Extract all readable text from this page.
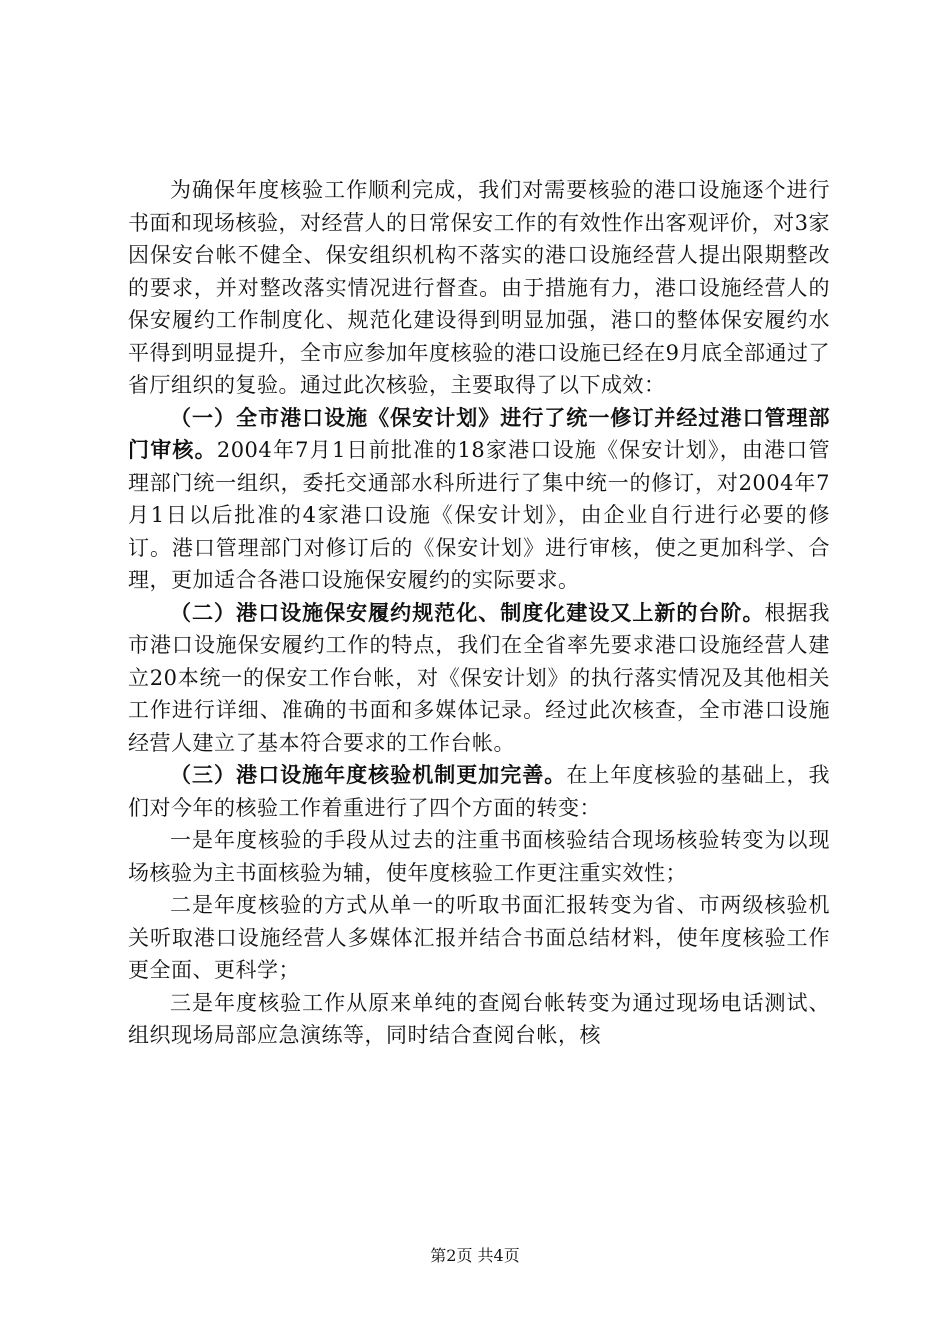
为确保年度核验工作顺利完成，我们对需要核验的港口设施逐个进行书面和现场核验，对经营人的日常保安工作的有效性作出客观评价，对3家因保安台帐不健全、保安组织机构不落实的港口设施经营人提出限期整改的要求，并对整改落实情况进行督查。由于措施有力，港口设施经营人的保安履约工作制度化、规范化建设得到明显加强，港口的整体保安履约水平得到明显提升，全市应参加年度核验的港口设施已经在9月底全部通过了省厅组织的复验。通过此次核验，主要取得了以下成效：

（一）全市港口设施《保安计划》进行了统一修订并经过港口管理部门审核。2004年7月1日前批准的18家港口设施《保安计划》，由港口管理部门统一组织，委托交通部水科所进行了集中统一的修订，对2004年7月1日以后批准的4家港口设施《保安计划》，由企业自行进行必要的修订。港口管理部门对修订后的《保安计划》进行审核，使之更加科学、合理，更加适合各港口设施保安履约的实际要求。

（二）港口设施保安履约规范化、制度化建设又上新的台阶。根据我市港口设施保安履约工作的特点，我们在全省率先要求港口设施经营人建立20本统一的保安工作台帐，对《保安计划》的执行落实情况及其他相关工作进行详细、准确的书面和多媒体记录。经过此次核查，全市港口设施经营人建立了基本符合要求的工作台帐。

（三）港口设施年度核验机制更加完善。在上年度核验的基础上，我们对今年的核验工作着重进行了四个方面的转变：

一是年度核验的手段从过去的注重书面核验结合现场核验转变为以现场核验为主书面核验为辅，使年度核验工作更注重实效性；

二是年度核验的方式从单一的听取书面汇报转变为省、市两级核验机关听取港口设施经营人多媒体汇报并结合书面总结材料，使年度核验工作更全面、更科学；

三是年度核验工作从原来单纯的查阅台帐转变为通过现场电话测试、组织现场局部应急演练等，同时结合查阅台帐，核

第2页 共4页
